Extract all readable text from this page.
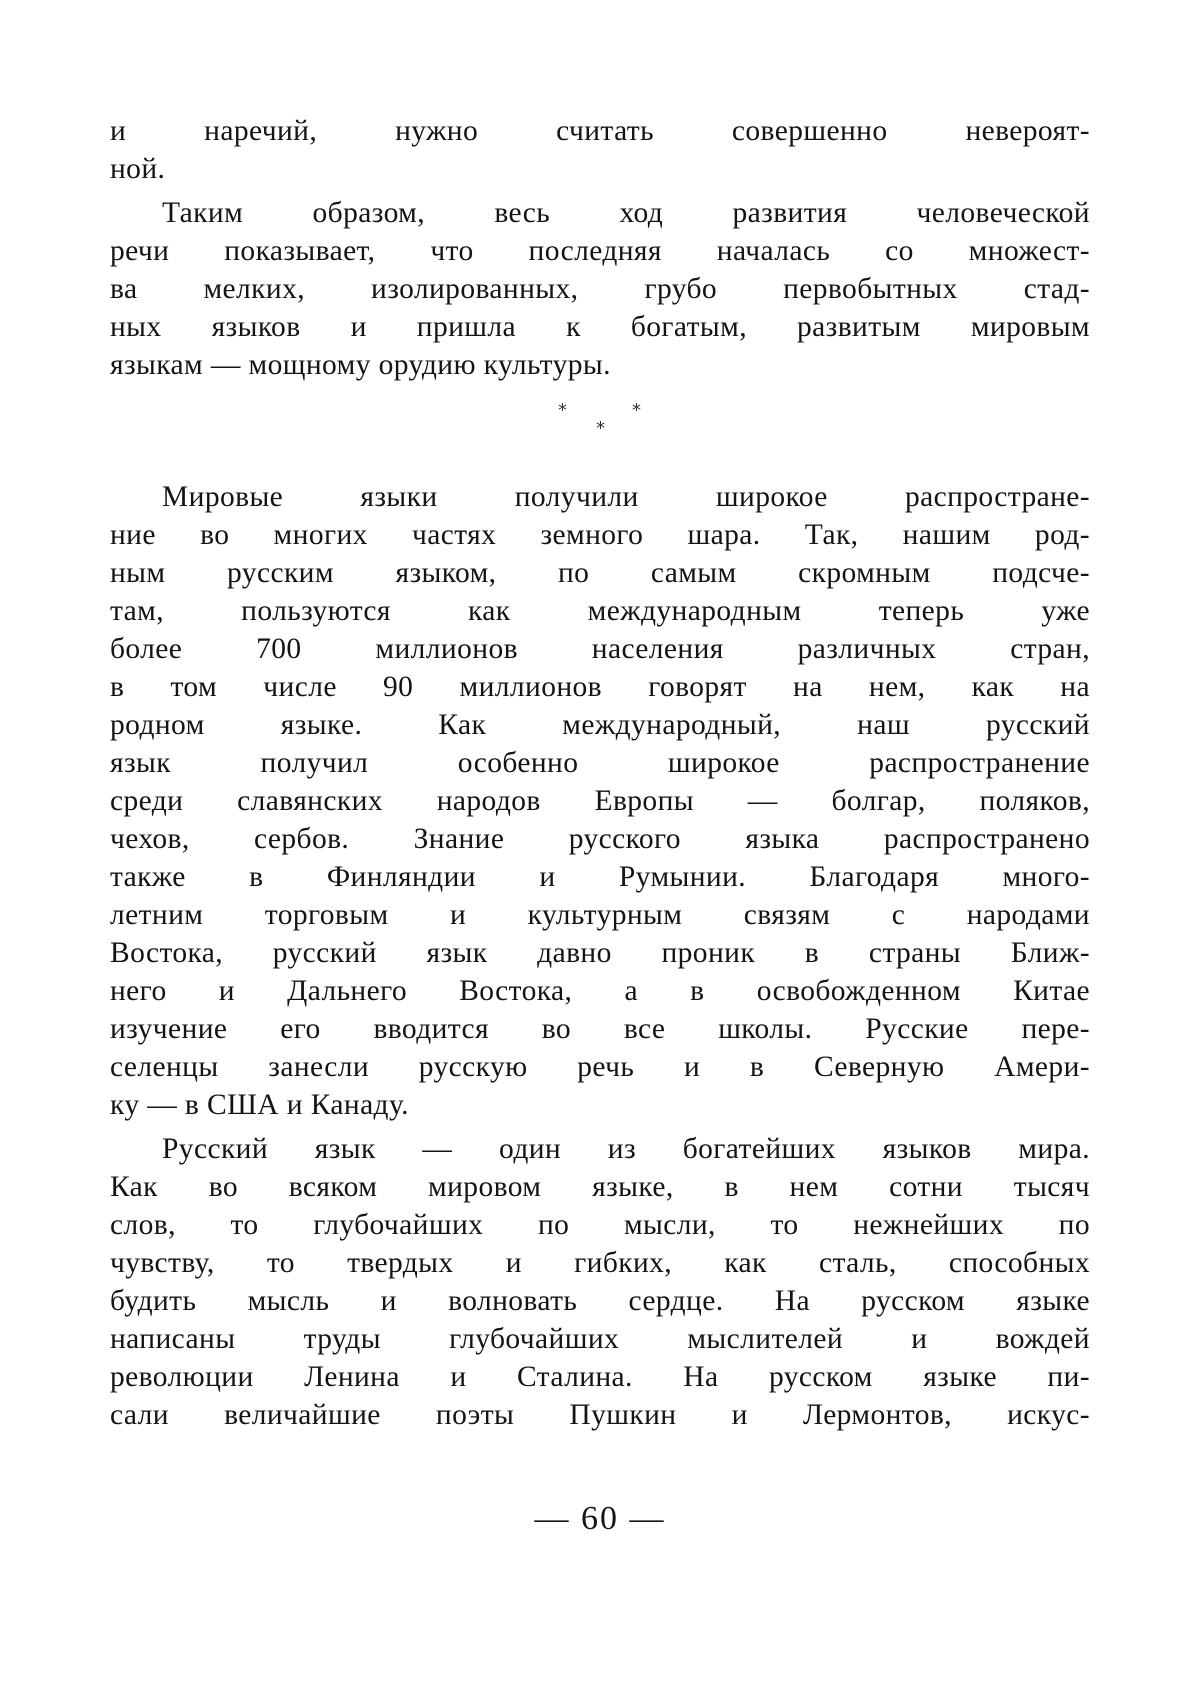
и наречий, нужно считать совершенно невероят-
ной.
Таким образом, весь ход развития человеческой
речи показывает, что последняя началась со множест-
ва мелких, изолированных, грубо первобытных стад-
ных языков и пришла к богатым, развитым мировым
языкам — мощному орудию культуры.
*	*
*
Мировые языки получили широкое распростране-
ние во многих частях земного шара. Так, нашим род-
ным русским языком, по самым скромным подсче-
там, пользуются как международным теперь уже
более 700 миллионов населения различных стран,
в том числе 90 миллионов говорят на нем, как на
родном языке. Как международный, наш русский
язык получил особенно широкое распространение
среди славянских народов Европы — болгар, поляков,
чехов, сербов. Знание русского языка распространено
также в Финляндии и Румынии. Благодаря много-
летним торговым и культурным связям с народами
Востока, русский язык давно проник в страны Ближ-
него и Дальнего Востока, а в освобожденном Китае
изучение его вводится во все школы. Русские пере-
селенцы занесли русскую речь и в Северную Амери-
ку — в США и Канаду.
Русский язык — один из богатейших языков мира.
Как во всяком мировом языке, в нем сотни тысяч
слов, то глубочайших по мысли, то нежнейших по
чувству, то твердых и гибких, как сталь, способных
будить мысль и волновать сердце. На русском языке
написаны труды глубочайших мыслителей и вождей
революции Ленина и Сталина. На русском языке пи-
сали величайшие поэты Пушкин и Лермонтов, искус-
— 60 —
